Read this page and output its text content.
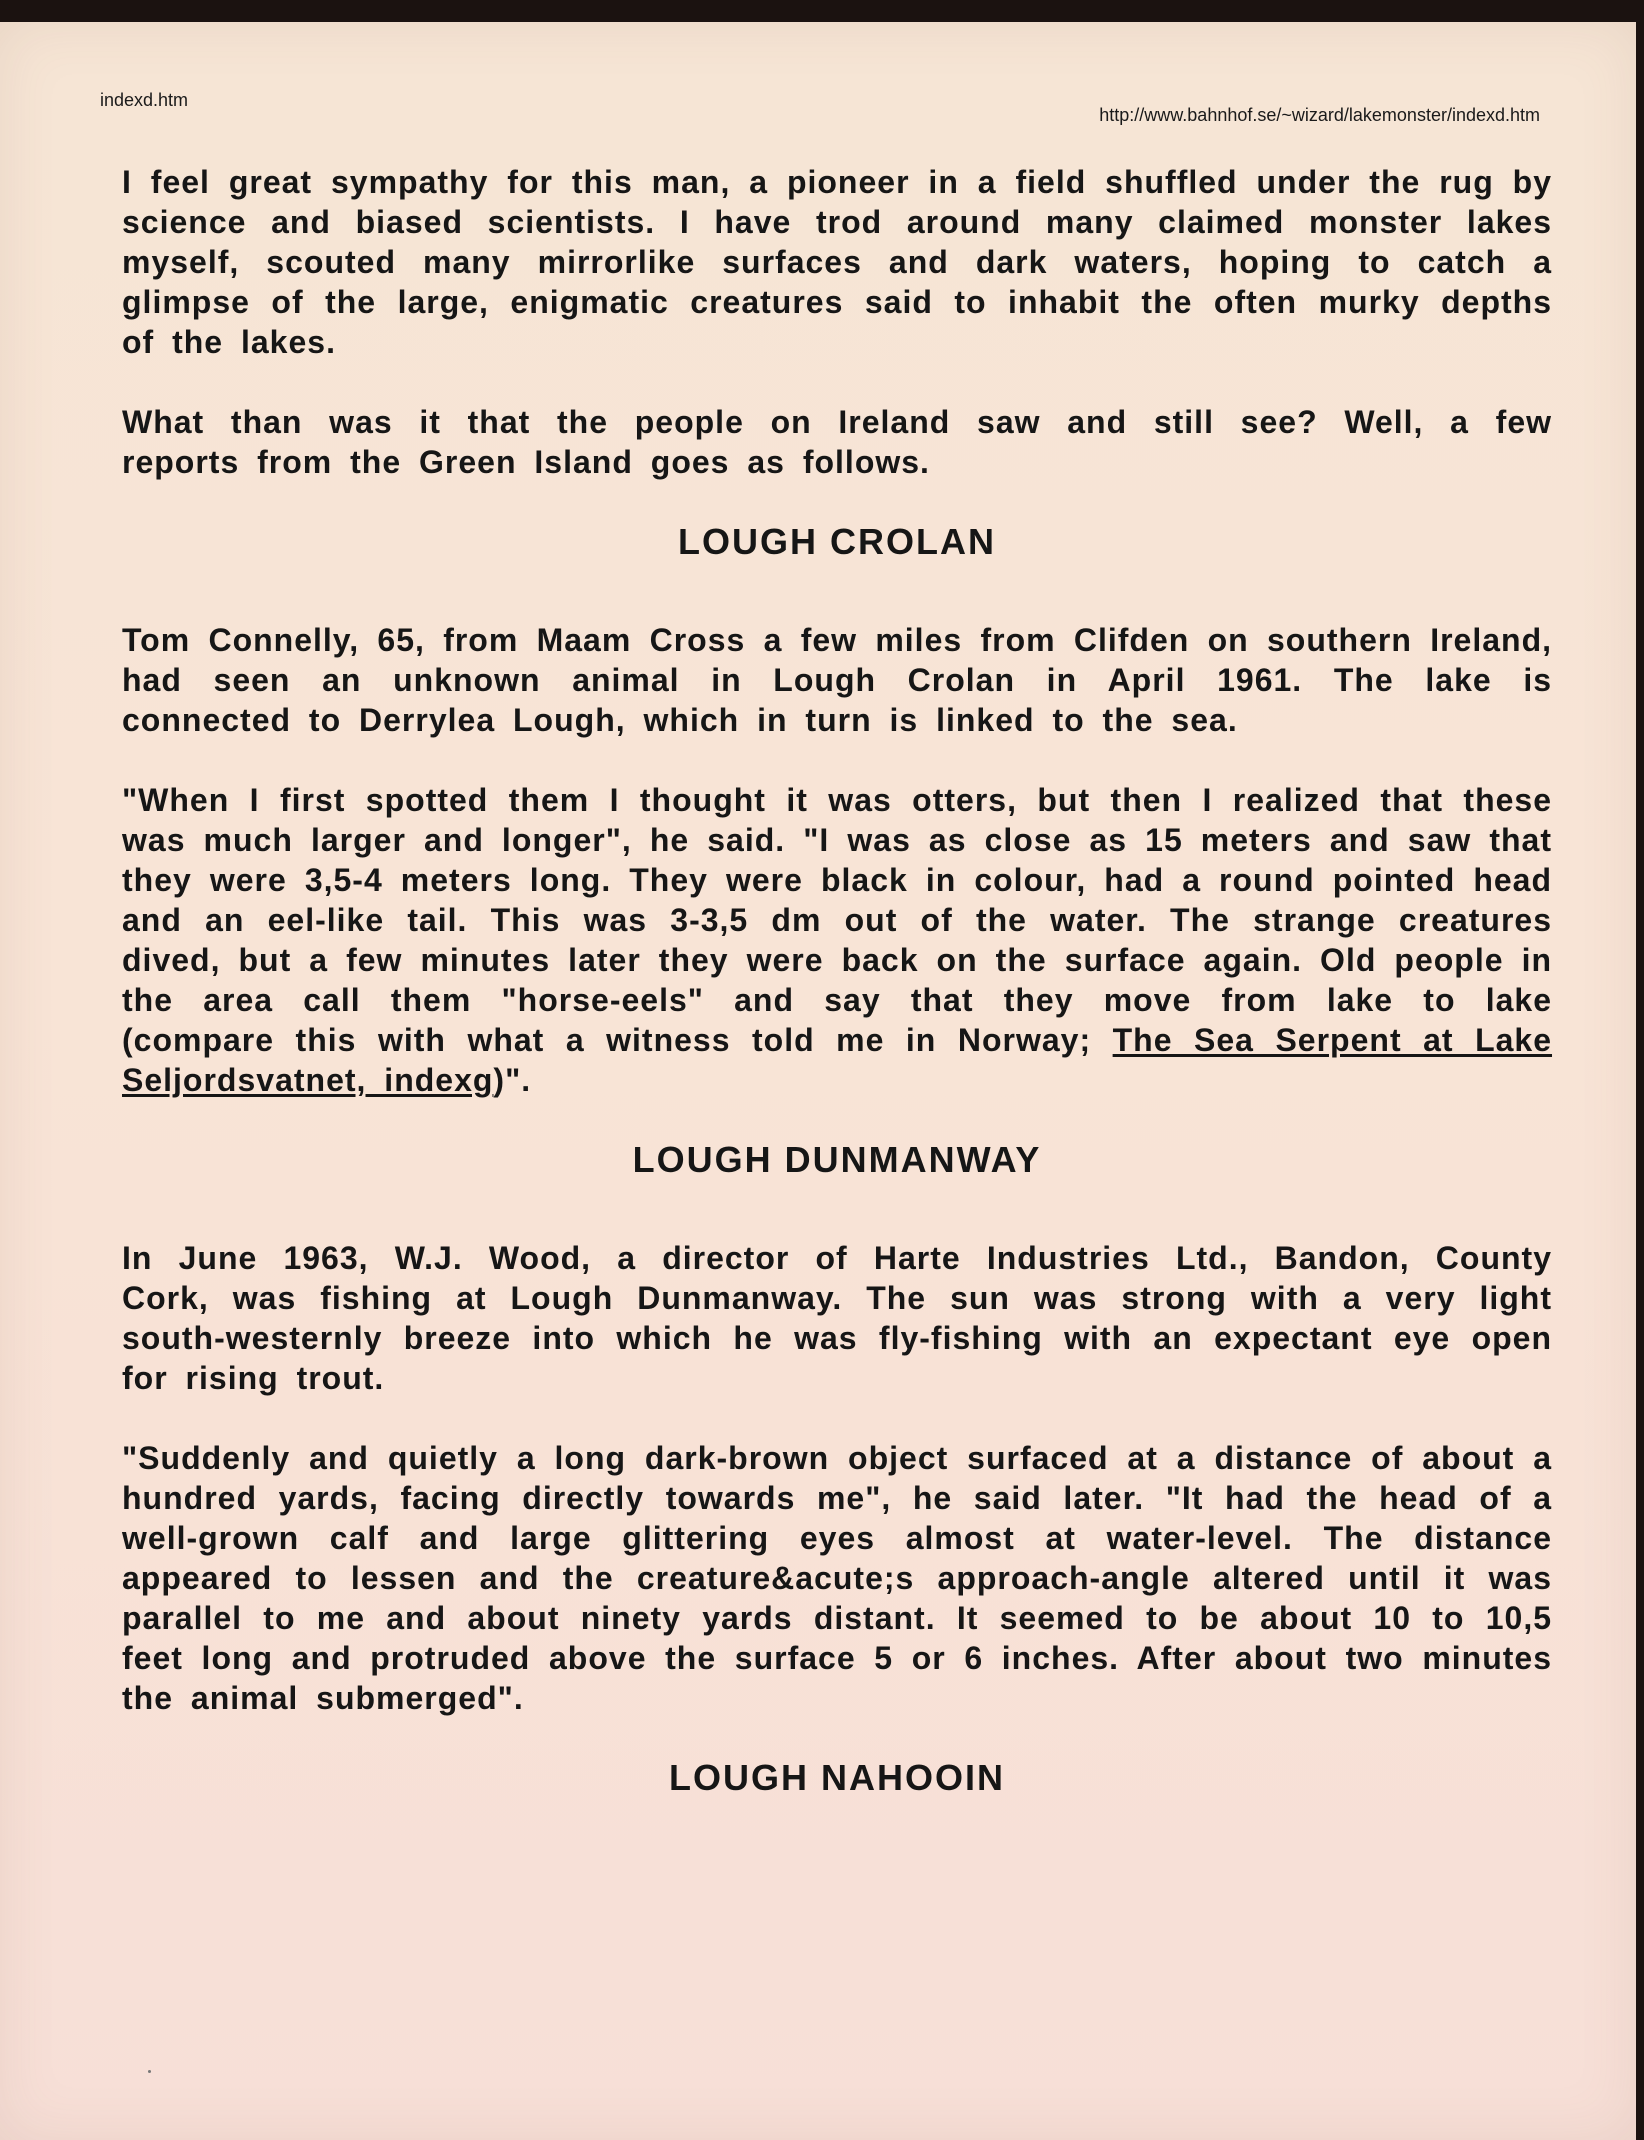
indexd.htm
http://www.bahnhof.se/~wizard/lakemonster/indexd.htm

I feel great sympathy for this man, a pioneer in a field shuffled under the rug by science and biased scientists. I have trod around many claimed monster lakes myself, scouted many mirrorlike surfaces and dark waters, hoping to catch a glimpse of the large, enigmatic creatures said to inhabit the often murky depths of the lakes.

What than was it that the people on Ireland saw and still see? Well, a few reports from the Green Island goes as follows.

LOUGH CROLAN

Tom Connelly, 65, from Maam Cross a few miles from Clifden on southern Ireland, had seen an unknown animal in Lough Crolan in April 1961. The lake is connected to Derrylea Lough, which in turn is linked to the sea.

"When I first spotted them I thought it was otters, but then I realized that these was much larger and longer", he said. "I was as close as 15 meters and saw that they were 3,5-4 meters long. They were black in colour, had a round pointed head and an eel-like tail. This was 3-3,5 dm out of the water. The strange creatures dived, but a few minutes later they were back on the surface again. Old people in the area call them "horse-eels" and say that they move from lake to lake (compare this with what a witness told me in Norway; The Sea Serpent at Lake Seljordsvatnet, indexg)".

LOUGH DUNMANWAY

In June 1963, W.J. Wood, a director of Harte Industries Ltd., Bandon, County Cork, was fishing at Lough Dunmanway. The sun was strong with a very light south-westernly breeze into which he was fly-fishing with an expectant eye open for rising trout.

"Suddenly and quietly a long dark-brown object surfaced at a distance of about a hundred yards, facing directly towards me", he said later. "It had the head of a well-grown calf and large glittering eyes almost at water-level. The distance appeared to lessen and the creature&acute;s approach-angle altered until it was parallel to me and about ninety yards distant. It seemed to be about 10 to 10,5 feet long and protruded above the surface 5 or 6 inches. After about two minutes the animal submerged".

LOUGH NAHOOIN
